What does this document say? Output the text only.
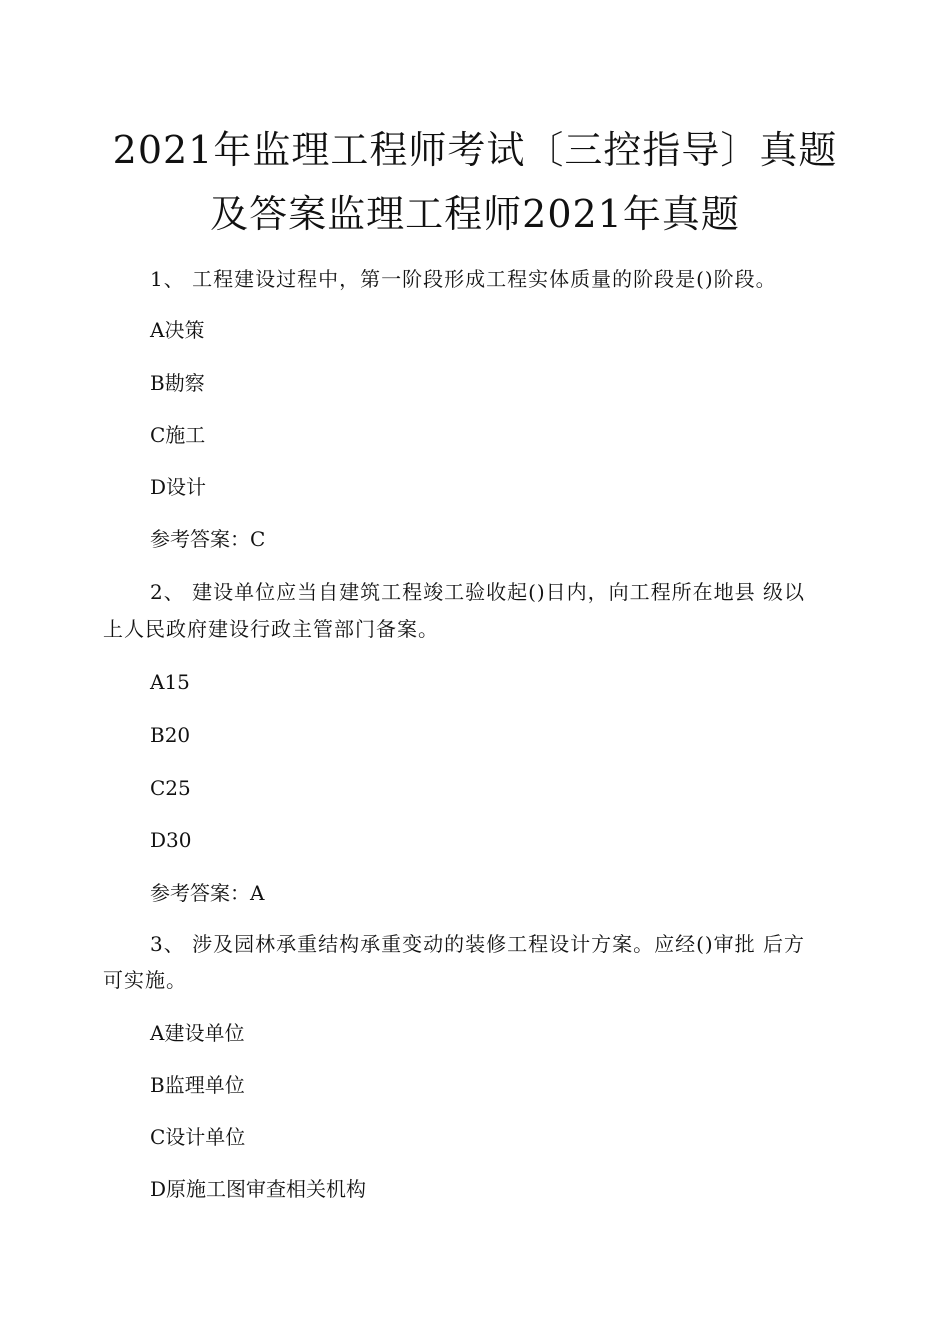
2021年监理工程师考试〔三控指导〕真题
及答案监理工程师2021年真题
1、 工程建设过程中，第一阶段形成工程实体质量的阶段是()阶段。
A决策
B勘察
C施工
D设计
参考答案：C
2、 建设单位应当自建筑工程竣工验收起()日内，向工程所在地县 级以
上人民政府建设行政主管部门备案。
A15
B20
C25
D30
参考答案：A
3、 涉及园林承重结构承重变动的装修工程设计方案。应经()审批 后方
可实施。
A建设单位
B监理单位
C设计单位
D原施工图审查相关机构
